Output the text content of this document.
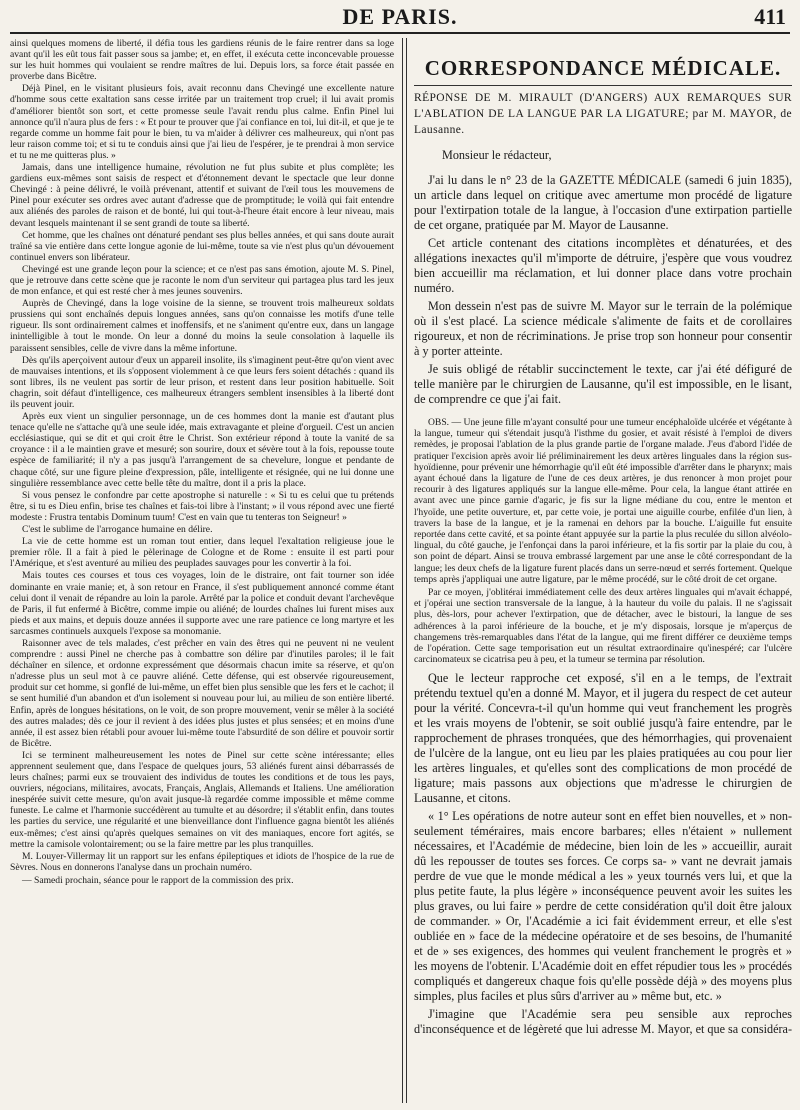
DE PARIS.	411

ainsi quelques momens de liberté, il défia tous les gardiens réunis de le faire rentrer dans sa loge avant qu'il les eût tous fait passer sous sa jambe; et, en effet, il exécuta cette inconcevable prouesse sur les huit hommes qui voulaient se rendre maîtres de lui. Depuis lors, sa force était passée en proverbe dans Bicêtre.

Déjà Pinel, en le visitant plusieurs fois, avait reconnu dans Chevingé une excellente nature d'homme sous cette exaltation sans cesse irritée par un traitement trop cruel; il lui avait promis d'améliorer bientôt son sort, et cette promesse seule l'avait rendu plus calme. Enfin Pinel lui annonce qu'il n'aura plus de fers : « Et pour te prouver que j'ai confiance en toi, lui dit-il, et que je te regarde comme un homme fait pour le bien, tu va m'aider à délivrer ces malheureux, qui n'ont pas leur raison comme toi; et si tu te conduis ainsi que j'ai lieu de l'espérer, je te prendrai à mon service et tu ne me quitteras plus. »

Jamais, dans une intelligence humaine, révolution ne fut plus subite et plus complète; les gardiens eux-mêmes sont saisis de respect et d'étonnement devant le spectacle que leur donne Chevingé : à peine délivré, le voilà prévenant, attentif et suivant de l'œil tous les mouvemens de Pinel pour exécuter ses ordres avec autant d'adresse que de promptitude; le voilà qui fait entendre aux aliénés des paroles de raison et de bonté, lui qui tout-à-l'heure était encore à leur niveau, mais devant lesquels maintenant il se sent grandi de toute sa liberté.

Cet homme, que les chaînes ont dénaturé pendant ses plus belles années, et qui sans doute aurait traîné sa vie entière dans cette longue agonie de lui-même, toute sa vie n'est plus qu'un dévouement continuel envers son libérateur.

Chevingé est une grande leçon pour la science; et ce n'est pas sans émotion, ajoute M. S. Pinel, que je retrouve dans cette scène que je raconte le nom d'un serviteur qui partagea plus tard les jeux de mon enfance, et qui est resté cher à mes jeunes souvenirs.

Auprès de Chevingé, dans la loge voisine de la sienne, se trouvent trois malheureux soldats prussiens qui sont enchaînés depuis longues années, sans qu'on connaisse les motifs d'une telle rigueur. Ils sont ordinairement calmes et inoffensifs, et ne s'animent qu'entre eux, dans un langage inintelligible à tout le monde. On leur a donné du moins la seule consolation à laquelle ils paraissent sensibles, celle de vivre dans la même infortune.

Dès qu'ils aperçoivent autour d'eux un appareil insolite, ils s'imaginent peut-être qu'on vient avec de mauvaises intentions, et ils s'opposent violemment à ce que leurs fers soient détachés : quand ils sont libres, ils ne veulent pas sortir de leur prison, et restent dans leur position habituelle. Soit chagrin, soit défaut d'intelligence, ces malheureux étrangers semblent insensibles à la liberté dont ils peuvent jouir.

Après eux vient un singulier personnage, un de ces hommes dont la manie est d'autant plus tenace qu'elle ne s'attache qu'à une seule idée, mais extravagante et pleine d'orgueil. C'est un ancien ecclésiastique, qui se dit et qui croit être le Christ. Son extérieur répond à toute la vanité de sa croyance : il a le maintien grave et mesuré; son sourire, doux et sévère tout à la fois, repousse toute espèce de familiarité; il n'y a pas jusqu'à l'arrangement de sa chevelure, longue et pendante de chaque côté, sur une figure pleine d'expression, pâle, intelligente et résignée, qui ne lui donne une singulière ressemblance avec cette belle tête du maître, dont il a pris la place.

Si vous pensez le confondre par cette apostrophe si naturelle : « Si tu es celui que tu prétends être, si tu es Dieu enfin, brise tes chaînes et fais-toi libre à l'instant; » il vous répond avec une fierté modeste : Frustra tentabis Dominum tuum! C'est en vain que tu tenteras ton Seigneur! »

C'est le sublime de l'arrogance humaine en délire.

La vie de cette homme est un roman tout entier, dans lequel l'exaltation religieuse joue le premier rôle. Il a fait à pied le pèlerinage de Cologne et de Rome : ensuite il est parti pour l'Amérique, et s'est aventuré au milieu des peuplades sauvages pour les convertir à la foi.

Mais toutes ces courses et tous ces voyages, loin de le distraire, ont fait tourner son idée dominante en vraie manie; et, à son retour en France, il s'est publiquement annoncé comme étant celui dont il venait de répandre au loin la parole. Arrêté par la police et conduit devant l'archevêque de Paris, il fut enfermé à Bicêtre, comme impie ou aliéné; de lourdes chaînes lui furent mises aux pieds et aux mains, et depuis douze années il supporte avec une rare patience ce long martyre et les sarcasmes continuels auxquels l'expose sa monomanie.

Raisonner avec de tels malades, c'est prêcher en vain des êtres qui ne peuvent ni ne veulent comprendre : aussi Pinel ne cherche pas à combattre son délire par d'inutiles paroles; il le fait déchaîner en silence, et ordonne expressément que désormais chacun imite sa réserve, et qu'on n'adresse plus un seul mot à ce pauvre aliéné. Cette défense, qui est observée rigoureusement, produit sur cet homme, si gonflé de lui-même, un effet bien plus sensible que les fers et le cachot; il se sent humilié d'un abandon et d'un isolement si nouveau pour lui, au milieu de son entière liberté. Enfin, après de longues hésitations, on le voit, de son propre mouvement, venir se mêler à la société des autres malades; dès ce jour il revient à des idées plus justes et plus sensées; et en moins d'une année, il est assez bien rétabli pour avouer lui-même toute l'absurdité de son délire et pouvoir sortir de Bicêtre.

Ici se terminent malheureusement les notes de Pinel sur cette scène intéressante; elles apprennent seulement que, dans l'espace de quelques jours, 53 aliénés furent ainsi débarrassés de leurs chaînes; parmi eux se trouvaient des individus de toutes les conditions et de tous les pays, ouvriers, négocians, militaires, avocats, Français, Anglais, Allemands et Italiens. Une amélioration inespérée suivit cette mesure, qu'on avait jusque-là regardée comme impossible et même comme funeste. Le calme et l'harmonie succédèrent au tumulte et au désordre; il s'établit enfin, dans toutes les parties du service, une régularité et une bienveillance dont l'influence gagna bientôt les aliénés eux-mêmes; c'est ainsi qu'après quelques semaines on vit des maniaques, encore fort agités, se mettre la camisole volontairement; ou se la faire mettre par les plus tranquilles.

M. Louyer-Villermay lit un rapport sur les enfans épileptiques et idiots de l'hospice de la rue de Sèvres. Nous en donnerons l'analyse dans un prochain numéro.

— Samedi prochain, séance pour le rapport de la commission des prix.

CORRESPONDANCE MÉDICALE.
RÉPONSE DE M. MIRAULT (D'ANGERS) AUX REMARQUES SUR L'ABLATION DE LA LANGUE PAR LA LIGATURE; par M. MAYOR, de Lausanne.

Monsieur le rédacteur,

J'ai lu dans le n° 23 de la GAZETTE MÉDICALE (samedi 6 juin 1835), un article dans lequel on critique avec amertume mon procédé de ligature pour l'extirpation totale de la langue, à l'occasion d'une extirpation partielle de cet organe, pratiquée par M. Mayor de Lausanne.

Cet article contenant des citations incomplètes et dénaturées, et des allégations inexactes qu'il m'importe de détruire, j'espère que vous voudrez bien accueillir ma réclamation, et lui donner place dans votre prochain numéro.

Mon dessein n'est pas de suivre M. Mayor sur le terrain de la polémique où il s'est placé. La science médicale s'alimente de faits et de corollaires rigoureux, et non de récriminations. Je prise trop son honneur pour consentir à y porter atteinte.

Je suis obligé de rétablir succinctement le texte, car j'ai été défiguré de telle manière par le chirurgien de Lausanne, qu'il est impossible, en le lisant, de comprendre ce que j'ai fait.

OBS. — Une jeune fille m'ayant consulté pour une tumeur encéphaloïde ulcérée et végétante à la langue, tumeur qui s'étendait jusqu'à l'isthme du gosier, et avait résisté à l'emploi de divers remèdes, je proposai l'ablation de la plus grande partie de l'organe malade. J'eus d'abord l'idée de pratiquer l'excision après avoir lié préliminairement les deux artères linguales dans la région sus-hyoïdienne, pour prévenir une hémorrhagie qu'il eût été impossible d'arrêter dans le pharynx; mais ayant échoué dans la ligature de l'une de ces deux artères, je dus renoncer à mon projet pour recourir à des ligatures appliqués sur la langue elle-même. Pour cela, la langue étant attirée en avant avec une pince garnie d'agaric, je fis sur la ligne médiane du cou, entre le menton et l'hyoïde, une petite ouverture, et, par cette voie, je portai une aiguille courbe, enfilée d'un lien, à travers la base de la langue, et je la ramenai en dehors par la bouche. L'aiguille fut ensuite reportée dans cette cavité, et sa pointe étant appuyée sur la partie la plus reculée du sillon alvéolo-lingual, du côté gauche, je l'enfonçai dans la paroi inférieure, et la fis sortir par la plaie du cou, à son point de départ. Ainsi se trouva embrassé largement par une anse le côté correspondant de la langue; les deux chefs de la ligature furent placés dans un serre-nœud et serrés fortement. Quelque temps après j'appliquai une autre ligature, par le même procédé, sur le côté droit de cet organe.

Par ce moyen, j'oblitérai immédiatement celle des deux artères linguales qui m'avait échappé, et j'opérai une section transversale de la langue, à la hauteur du voile du palais. Il ne s'agissait plus, dès-lors, pour achever l'extirpation, que de détacher, avec le bistouri, la langue de ses adhérences à la paroi inférieure de la bouche, et je m'y disposais, lorsque je m'aperçus de changemens très-remarquables dans l'état de la langue, qui me firent différer ce deuxième temps de l'opération. Cette sage temporisation eut un résultat extraordinaire qu'inespéré; car l'ulcère carcinomateux se cicatrisa peu à peu, et la tumeur se termina par résolution.

Que le lecteur rapproche cet exposé, s'il en a le temps, de l'extrait prétendu textuel qu'en a donné M. Mayor, et il jugera du respect de cet auteur pour la vérité. Concevra-t-il qu'un homme qui veut franchement les progrès et les vrais moyens de l'obtenir, se soit oublié jusqu'à faire entendre, par le rapprochement de phrases tronquées, que des hémorrhagies, qui provenaient de l'ulcère de la langue, ont eu lieu par les plaies pratiquées au cou pour lier les artères linguales, et qu'elles sont des complications de mon procédé de ligature; mais passons aux objections que m'adresse le chirurgien de Lausanne, et citons.

« 1° Les opérations de notre auteur sont en effet bien nouvelles, et » non-seulement téméraires, mais encore barbares; elles n'étaient » nullement nécessaires, et l'Académie de médecine, bien loin de les » accueillir, aurait dû les repousser de toutes ses forces. Ce corps sa- » vant ne devrait jamais perdre de vue que le monde médical a les » yeux tournés vers lui, et que la plus petite faute, la plus légère » inconséquence peuvent avoir les suites les plus graves, ou lui faire » perdre de cette considération qu'il doit être jaloux de commander. » Or, l'Académie a ici fait évidemment erreur, et elle s'est oubliée en » face de la médecine opératoire et de ses besoins, de l'humanité et de » ses exigences, des hommes qui veulent franchement le progrès et » les moyens de l'obtenir. L'Académie doit en effet répudier tous les » procédés compliqués et dangereux chaque fois qu'elle possède déjà » des moyens plus simples, plus faciles et plus sûrs d'arriver au » même but, etc. »

J'imagine que l'Académie sera peu sensible aux reproches d'inconséquence et de légèreté que lui adresse M. Mayor, et que sa considéra-
